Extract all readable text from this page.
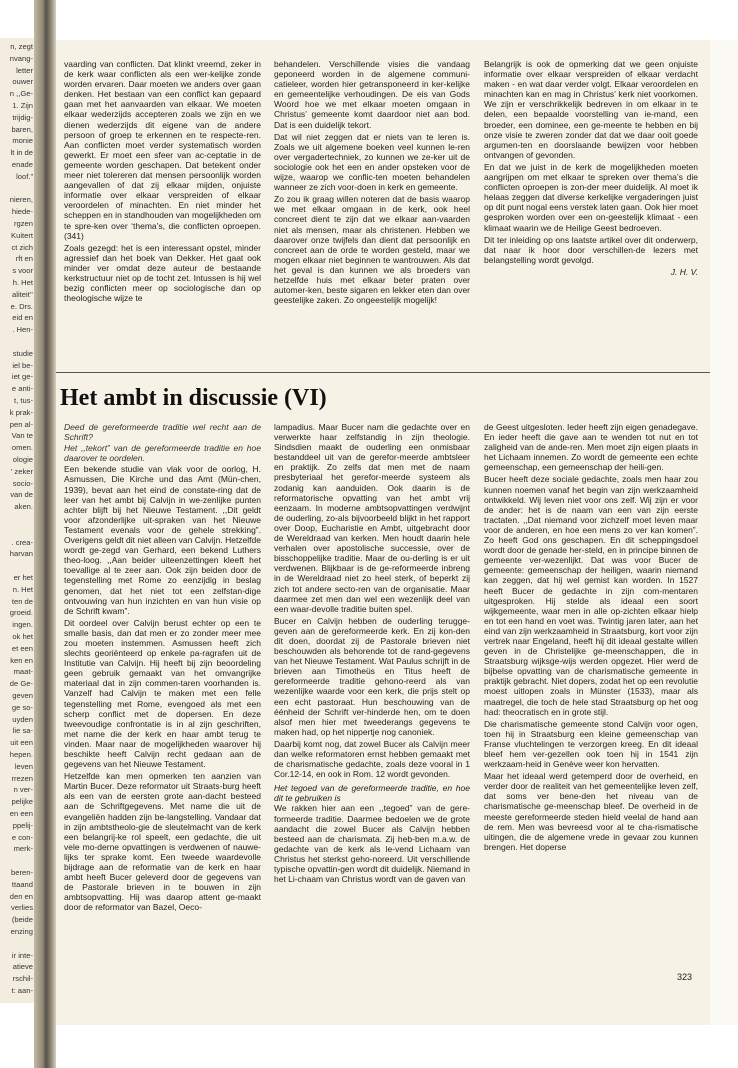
n, zegt
nvang-
letter
ouwer
n ,,Ge-
1. Zijn
trijdig-
baren,
monie
lt in de
enade
loof.”
nieren,
hiede-
rgzen
Kuitert
ct zich
rft en
s voor
h. Het
aliteit’’
e. Drs.
eid en
. Hen-
studie
iel be-
iet ge-
e anti-
t, tus-
k prak-
pen al-
Van te
omen.
ologie
’ zeker
socio-
van de
aken.
. crea-
harvan
er het
n. Het
ten de
groeid.
ingen.
ok het
et een
ken en
maat-
de Ge-
geven
ge so-
uyden
lie sa-
uit een
hepen.
leven
rrezen
n ver-
pelijke
en een
ppelij-
e con-
merk-
beren-
ttaand
den en
verlies
(beide
enzing
ir inte-
atieve
rschil-
t: aan-

vaarding van conflicten. Dat klinkt vreemd, zeker in de kerk waar conflicten als een wer-kelijke zonde worden ervaren. Daar moeten we anders over gaan denken. Het bestaan van een conflict kan gepaard gaan met het aanvaarden van elkaar. We moeten elkaar wederzijds accepteren zoals we zijn en we dienen wederzijds dit eigene van de andere persoon of groep te erkennen en te respecte-ren. Aan conflicten moet verder systematisch worden gewerkt. Er moet een sfeer van ac-ceptatie in de gemeente worden geschapen. Dat betekent onder meer niet tolereren dat mensen persoonlijk worden aangevallen of dat zij elkaar mijden, onjuiste informatie over elkaar verspreiden of elkaar veroordelen of minachten. En niet minder het scheppen en in standhouden van mogelijkheden om te spre-ken over ‘thema’s, die conflicten oproepen. (341)

Zoals gezegd: het is een interessant opstel, minder agressief dan het boek van Dekker. Het gaat ook minder ver omdat deze auteur de bestaande kerkstructuur niet op de tocht zet. Intussen is hij wel bezig conflicten meer op sociologische dan op theologische wijze te

behandelen. Verschillende visies die vandaag geponeerd worden in de algemene communi-catieleer, worden hier getransponeerd in ker-kelijke en gemeentelijke verhoudingen. De eis van Gods Woord hoe we met elkaar moeten omgaan in Christus’ gemeente komt daardoor niet aan bod. Dat is een duidelijk tekort.

Dat wil niet zeggen dat er niets van te leren is. Zoals we uit algemene boeken veel kunnen le-ren over vergadertechniek, zo kunnen we ze-ker uit de sociologie ook het een en ander opsteken voor de wijze, waarop we conflic-ten moeten behandelen wanneer ze zich voor-doen in kerk en gemeente.

Zo zou ik graag willen noteren dat de basis waarop we met elkaar omgaan in de kerk, ook heel concreet dient te zijn dat we elkaar aan-vaarden niet als mensen, maar als christenen. Hebben we daarover onze twijfels dan dient dat persoonlijk en concreet aan de orde te worden gesteld, maar we mogen elkaar niet beginnen te wantrouwen. Als dat het geval is dan kunnen we als broeders van hetzelfde huis met elkaar beter praten over automer-ken, beste sigaren en lekker eten dan over geestelijke zaken. Zo ongeestelijk mogelijk!

Belangrijk is ook de opmerking dat we geen onjuiste informatie over elkaar verspreiden of elkaar verdacht maken - en wat daar verder volgt. Elkaar veroordelen en minachten kan en mag in Christus’ kerk niet voorkomen. We zijn er verschrikkelijk bedreven in om elkaar in te delen, een bepaalde voorstelling van ie-mand, een broeder, een dominee, een ge-meente te hebben en bij onze visie te zweren zonder dat dat we daar ooit goede argumen-ten en doorslaande bewijzen voor hebben ontvangen of gevonden.

En dat we juist in de kerk de mogelijkheden moeten aangrijpen om met elkaar te spreken over thema’s die conflicten oproepen is zon-der meer duidelijk. Al moet ik helaas zeggen dat diverse kerkelijke vergaderingen juist op dit punt nogal eens verstek laten gaan. Ook hier moet gesproken worden over een on-geestelijk klimaat - een klimaat waarin we de Heilige Geest bedroeven.

Dit ter inleiding op ons laatste artikel over dit onderwerp, dat naar ik hoor door verschillen-de lezers met belangstelling wordt gevolgd.

J. H. V.

Het ambt in discussie (VI)

Deed de gereformeerde traditie wel recht aan de Schrift?

Het ,,tekort” van de gereformeerde traditie en hoe daarover te oordelen.

Een bekende studie van vlak voor de oorlog, H. Asmussen, Die Kirche und das Amt (Mün-chen, 1939), bevat aan het eind de constate-ring dat de leer van het ambt bij Calvijn in we-zenlijke punten achter blijft bij het Nieuwe Testament. ,,Dit geldt voor afzonderlijke uit-spraken van het Nieuwe Testament evenals voor de gehele strekking”. Overigens geldt dit niet alleen van Calvijn. Hetzelfde wordt ge-zegd van Gerhard, een bekend Luthers theo-loog. ,,Aan beider uiteenzettingen kleeft het toevallige al te zeer aan. Ook zijn beiden door de tegenstelling met Rome zo eenzijdig in beslag genomen, dat het niet tot een zelfstan-dige ontvouwing van hun inzichten en van hun visie op de Schrift kwam”.

Dit oordeel over Calvijn berust echter op een te smalle basis, dan dat men er zo zonder meer mee zou moeten instemmen. Asmussen heeft zich slechts georiënteerd op enkele pa-ragrafen uit de Institutie van Calvijn. Hij heeft bij zijn beoordeling geen gebruik gemaakt van het omvangrijke materiaal dat in zijn commen-taren voorhanden is. Vanzelf had Calvijn te maken met een felle tegenstelling met Rome, evengoed als met een scherp conflict met de dopersen. En deze tweevoudige confrontatie is in al zijn geschriften, met name die der kerk en haar ambt terug te vinden. Maar naar de mogelijkheden waarover hij beschikte heeft Calvijn recht gedaan aan de gegevens van het Nieuwe Testament.

Hetzelfde kan men opmerken ten aanzien van Martin Bucer. Deze reformator uit Straats-burg heeft als een van de eersten grote aan-dacht besteed aan de Schriftgegevens. Met name die uit de evangeliën hadden zijn be-langstelling. Vandaar dat in zijn ambtstheolo-gie de sleutelmacht van de kerk een belangrij-ke rol speelt, een gedachte, die uit vele mo-derne opvattingen is verdwenen of nauwe-lijks ter sprake komt. Een tweede waardevolle bijdrage aan de reformatie van de kerk en haar ambt heeft Bucer geleverd door de gegevens van de Pastorale brieven in te bouwen in zijn ambtsopvatting. Hij was daarop attent ge-maakt door de reformator van Bazel, Oeco-

lampadius. Maar Bucer nam die gedachte over en verwerkte haar zelfstandig in zijn theologie. Sindsdien maakt de ouderling een onmisbaar bestanddeel uit van de gerefor-meerde ambtsleer en praktijk. Zo zelfs dat men met de naam presbyteriaal het gerefor-meerde systeem als zodanig kan aanduiden. Ook daarin is de reformatorische opvatting van het ambt vrij eenzaam. In moderne ambtsopvattingen verdwijnt de ouderling, zo-als bijvoorbeeld blijkt in het rapport over Doop, Eucharistie en Ambt, uitgebracht door de Wereldraad van kerken. Men houdt daarin hele verhalen over apostolische successie, over de bisschoppelijke traditie. Maar de ou-derling is er uit verdwenen. Blijkbaar is de ge-reformeerde inbreng in de Wereldraad niet zo heel sterk, of beperkt zij zich tot andere secto-ren van de organisatie. Maar daarmee zet men dan wel een wezenlijk deel van een waar-devolle traditie buiten spel.

Bucer en Calvijn hebben de ouderling terugge-geven aan de gereformeerde kerk. En zij kon-den dit doen, doordat zij de Pastorale brieven niet beschouwden als behorende tot de rand-gegevens van het Nieuwe Testament. Wat Paulus schrijft in de brieven aan Timotheüs en Titus heeft de gereformeerde traditie gehono-reerd als van wezenlijke waarde voor een kerk, die prijs stelt op een echt pastoraat. Hun beschouwing van de éénheid der Schrift ver-hinderde hen, om te doen alsof men hier met tweederangs gegevens te maken had, op het nippertje nog canoniek.

Daarbij komt nog, dat zowel Bucer als Calvijn meer dan welke reformatoren ernst hebben gemaakt met de charismatische gedachte, zoals deze vooral in 1 Cor.12-14, en ook in Rom. 12 wordt gevonden.

Het tegoed van de gereformeerde traditie, en hoe dit te gebruiken is

We rakken hier aan een ,,tegoed” van de gere-formeerde traditie. Daarmee bedoelen we de grote aandacht die zowel Bucer als Calvijn hebben besteed aan de charismata. Zij heb-ben m.a.w. de gedachte van de kerk als le-vend Lichaam van Christus het sterkst geho-noreerd. Uit verschillende typische opvattin-gen wordt dit duidelijk. Niemand in het Li-chaam van Christus wordt van de gaven van

de Geest uitgesloten. Ieder heeft zijn eigen genadegave. En ieder heeft die gave aan te wenden tot nut en tot zaligheid van de ande-ren. Men moet zijn eigen plaats in het Lichaam innemen. Zo wordt de gemeente een echte gemeenschap, een gemeenschap der heili-gen.

Bucer heeft deze sociale gedachte, zoals men haar zou kunnen noemen vanaf het begin van zijn werkzaamheid ontwikkeld. Wij leven niet voor ons zelf. Wij zijn er voor de ander: het is de naam van een van zijn eerste tractaten. ,,Dat niemand voor zichzelf moet leven maar voor de anderen, en hoe een mens zo ver kan komen”. Zo heeft God ons geschapen. En dit scheppingsdoel wordt door de genade her-steld, en in principe binnen de gemeente ver-wezenlijkt. Dat was voor Bucer de gemeente: gemeenschap der heiligen, waarin niemand kan zeggen, dat hij wel gemist kan worden. In 1527 heeft Bucer de gedachte in zijn com-mentaren uitgesproken. Hij stelde als ideaal een soort wijkgemeente, waar men in alle op-zichten elkaar hielp en tot een hand en voet was. Twintig jaren later, aan het eind van zijn werkzaamheid in Straatsburg, kort voor zijn vertrek naar Engeland, heeft hij dit ideaal gestalte willen geven in de Christelijke ge-meenschappen, die in Straatsburg wijksge-wijs werden opgezet. Hier werd de bijbelse opvatting van de charismatische gemeente in praktijk gebracht. Niet dopers, zodat het op een revolutie moest uitlopen zoals in Münster (1533), maar als maatregel, die toch de hele stad Straatsburg op het oog had: theocratisch en in grote stijl.

Die charismatische gemeente stond Calvijn voor ogen, toen hij in Straatsburg een kleine gemeenschap van Franse vluchtelingen te verzorgen kreeg. En dit ideaal bleef hem ver-gezellen ook toen hij in 1541 zijn werkzaam-heid in Genève weer kon hervatten.

Maar het ideaal werd getemperd door de overheid, en verder door de realiteit van het gemeentelijke leven zelf, dat soms ver bene-den het niveau van de charismatische ge-meenschap bleef. De overheid in de meeste gereformeerde steden hield veelal de hand aan de rem. Men was bevreesd voor al te cha-rismatische uitingen, die de algemene vrede in gevaar zou kunnen brengen. Het doperse

323
